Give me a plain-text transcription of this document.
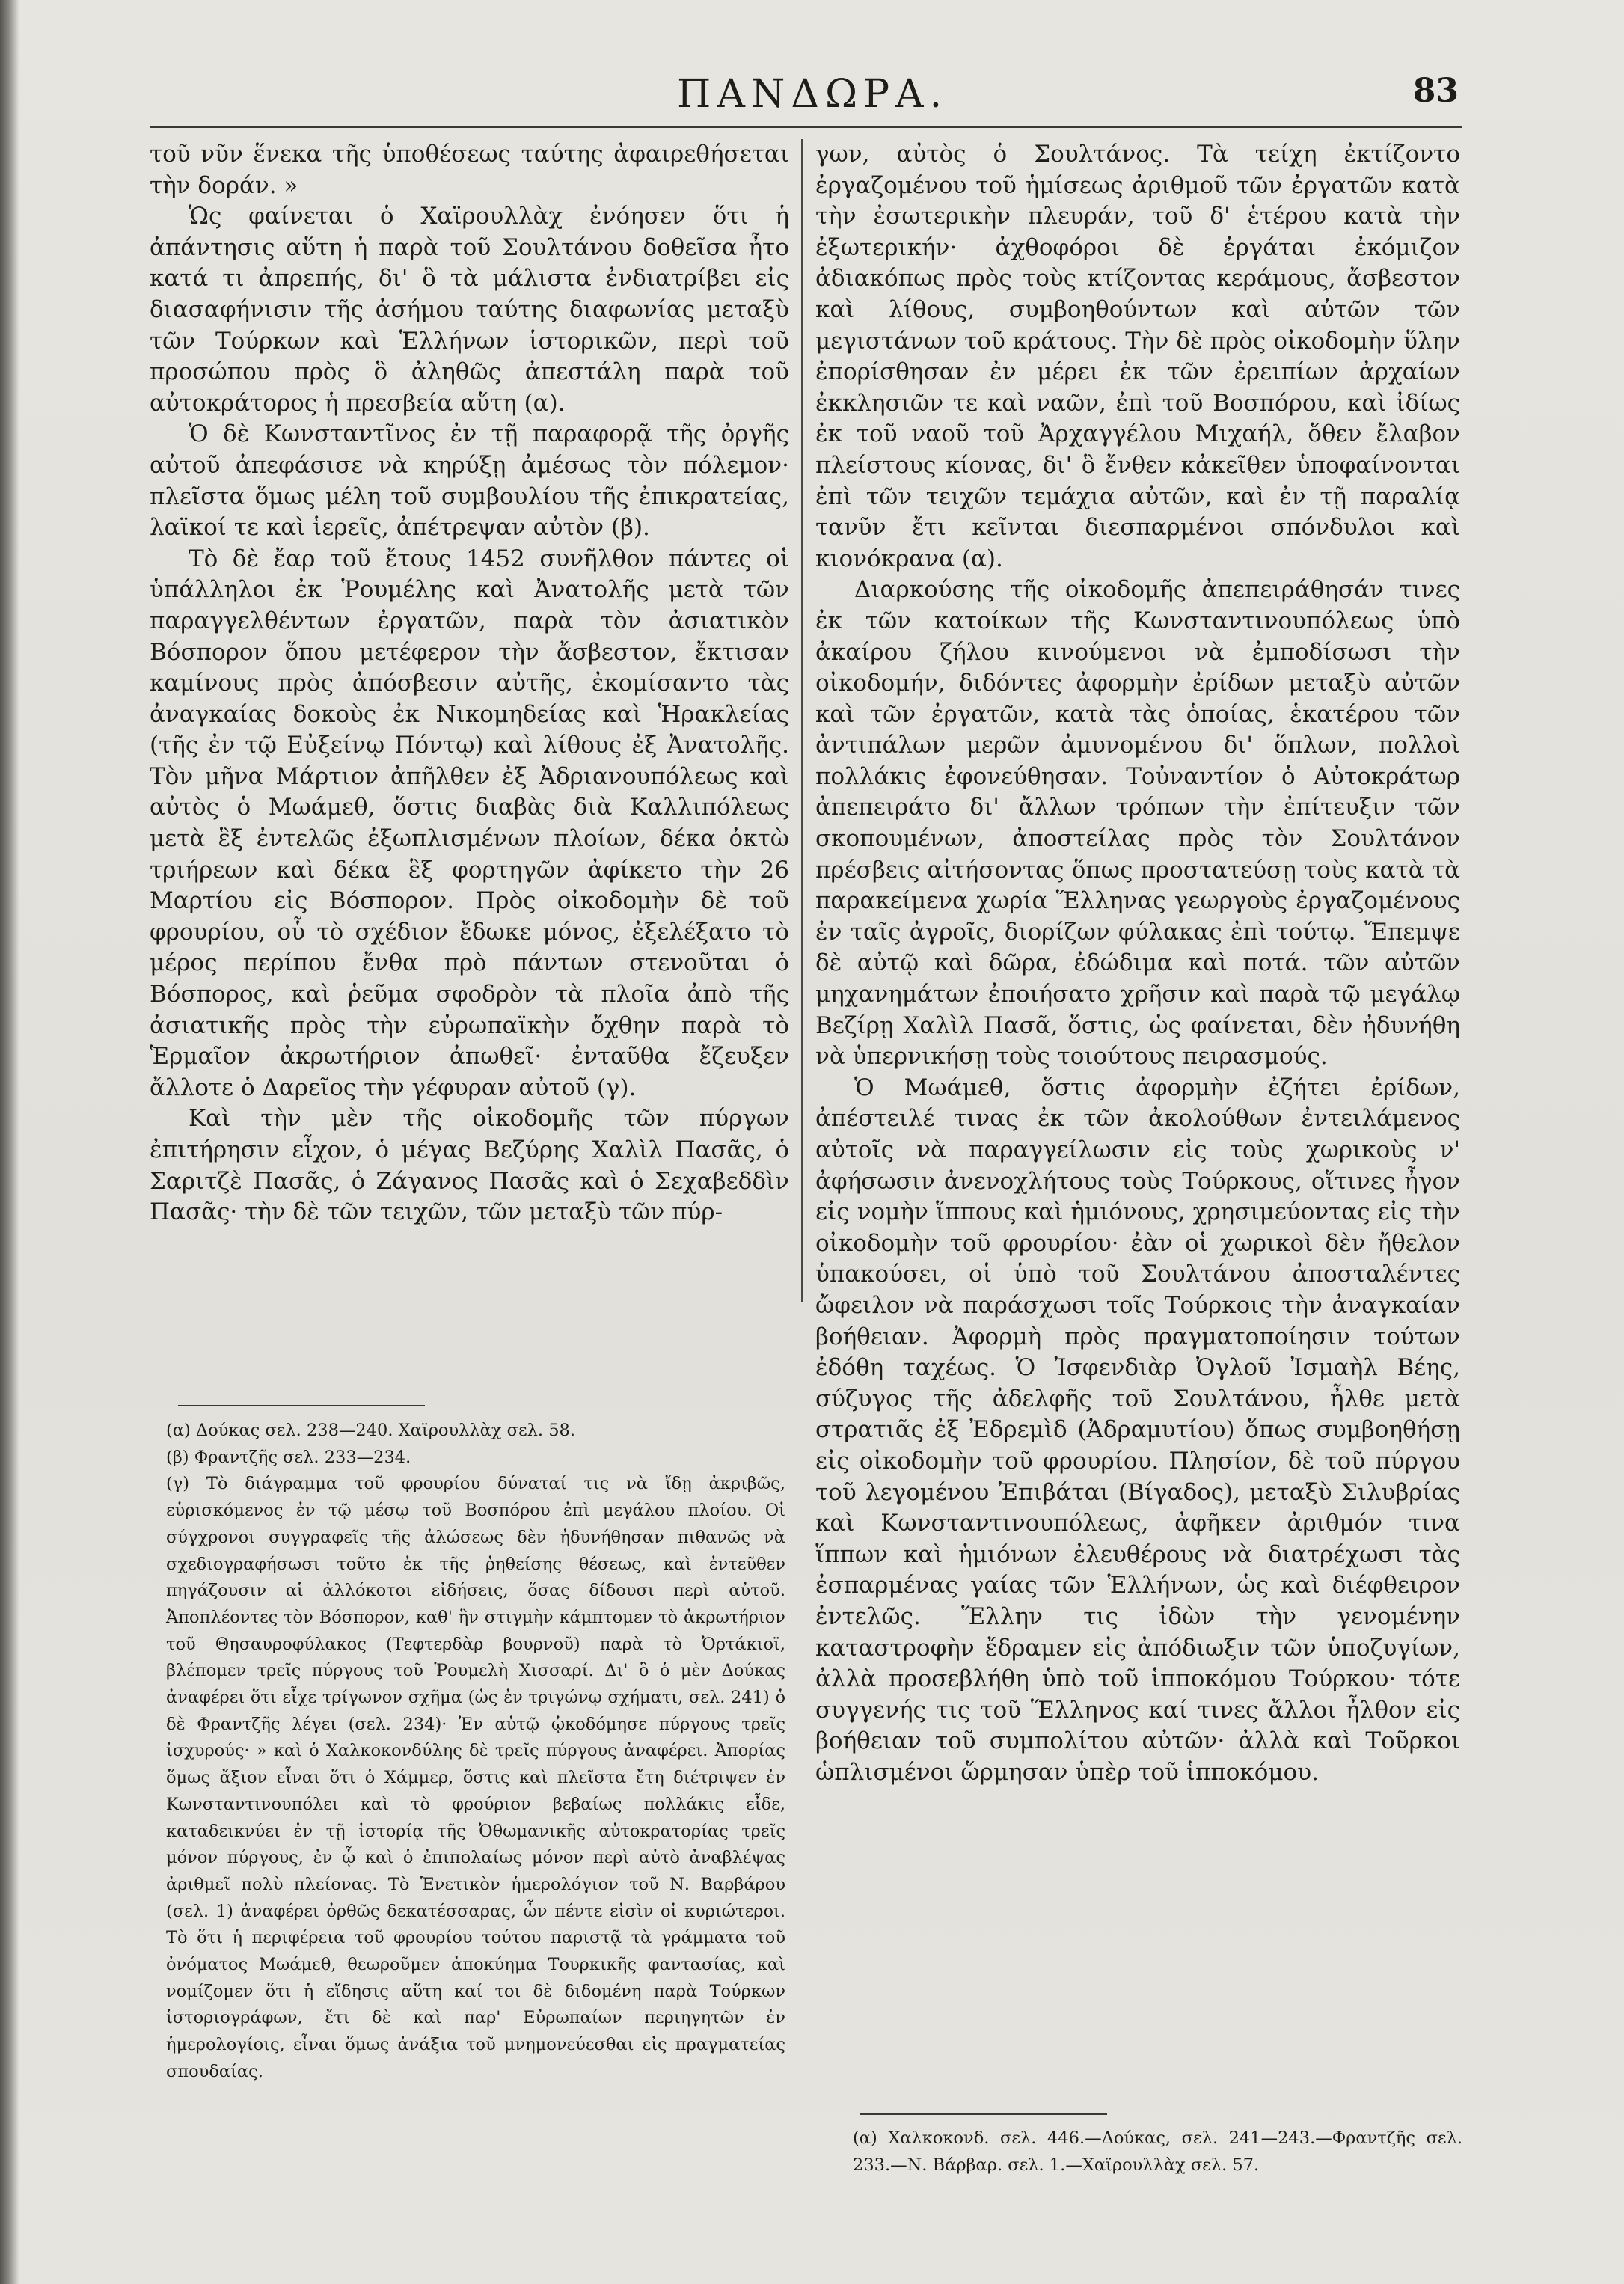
ΠΑΝΔΩΡΑ.	83

τοῦ νῦν ἕνεκα τῆς ὑποθέσεως ταύτης ἀφαιρεθήσεται τὴν δοράν. »

Ὡς φαίνεται ὁ Χαϊρουλλὰχ ἐνόησεν ὅτι ἡ ἀπάντησις αὕτη ἡ παρὰ τοῦ Σουλτάνου δοθεῖσα ἦτο κατά τι ἀπρεπής, δι' ὃ τὰ μάλιστα ἐνδιατρίβει εἰς διασαφήνισιν τῆς ἀσήμου ταύτης διαφωνίας μεταξὺ τῶν Τούρκων καὶ Ἑλλήνων ἱστορικῶν, περὶ τοῦ προσώπου πρὸς ὃ ἀληθῶς ἀπεστάλη παρὰ τοῦ αὐτοκράτορος ἡ πρεσβεία αὕτη (α).

Ὁ δὲ Κωνσταντῖνος ἐν τῇ παραφορᾷ τῆς ὀργῆς αὐτοῦ ἀπεφάσισε νὰ κηρύξῃ ἀμέσως τὸν πόλεμον· πλεῖστα ὅμως μέλη τοῦ συμβουλίου τῆς ἐπικρατείας, λαϊκοί τε καὶ ἱερεῖς, ἀπέτρεψαν αὐτὸν (β).

Τὸ δὲ ἔαρ τοῦ ἔτους 1452 συνῆλθον πάντες οἱ ὑπάλληλοι ἐκ Ῥουμέλης καὶ Ἀνατολῆς μετὰ τῶν παραγγελθέντων ἐργατῶν, παρὰ τὸν ἀσιατικὸν Βόσπορον ὅπου μετέφερον τὴν ἄσβεστον, ἔκτισαν καμίνους πρὸς ἀπόσβεσιν αὐτῆς, ἐκομίσαντο τὰς ἀναγκαίας δοκοὺς ἐκ Νικομηδείας καὶ Ἡρακλείας (τῆς ἐν τῷ Εὐξείνῳ Πόντῳ) καὶ λίθους ἐξ Ἀνατολῆς. Τὸν μῆνα Μάρτιον ἀπῆλθεν ἐξ Ἀδριανουπόλεως καὶ αὐτὸς ὁ Μωάμεθ, ὅστις διαβὰς διὰ Καλλιπόλεως μετὰ ἓξ ἐντελῶς ἐξωπλισμένων πλοίων, δέκα ὀκτὼ τριήρεων καὶ δέκα ἓξ φορτηγῶν ἀφίκετο τὴν 26 Μαρτίου εἰς Βόσπορον. Πρὸς οἰκοδομὴν δὲ τοῦ φρουρίου, οὗ τὸ σχέδιον ἔδωκε μόνος, ἐξελέξατο τὸ μέρος περίπου ἔνθα πρὸ πάντων στενοῦται ὁ Βόσπορος, καὶ ῥεῦμα σφοδρὸν τὰ πλοῖα ἀπὸ τῆς ἀσιατικῆς πρὸς τὴν εὐρωπαϊκὴν ὄχθην παρὰ τὸ Ἑρμαῖον ἀκρωτήριον ἀπωθεῖ· ἐνταῦθα ἔζευξεν ἄλλοτε ὁ Δαρεῖος τὴν γέφυραν αὐτοῦ (γ).

Καὶ τὴν μὲν τῆς οἰκοδομῆς τῶν πύργων ἐπιτήρησιν εἶχον, ὁ μέγας Βεζύρης Χαλὶλ Πασᾶς, ὁ Σαριτζὲ Πασᾶς, ὁ Ζάγανος Πασᾶς καὶ ὁ Σεχαβεδδὶν Πασᾶς· τὴν δὲ τῶν τειχῶν, τῶν μεταξὺ τῶν πύρ-

γων, αὐτὸς ὁ Σουλτάνος. Τὰ τείχη ἐκτίζοντο ἐργαζομένου τοῦ ἡμίσεως ἀριθμοῦ τῶν ἐργατῶν κατὰ τὴν ἐσωτερικὴν πλευράν, τοῦ δ' ἑτέρου κατὰ τὴν ἐξωτερικήν· ἀχθοφόροι δὲ ἐργάται ἐκόμιζον ἀδιακόπως πρὸς τοὺς κτίζοντας κεράμους, ἄσβεστον καὶ λίθους, συμβοηθούντων καὶ αὐτῶν τῶν μεγιστάνων τοῦ κράτους. Τὴν δὲ πρὸς οἰκοδομὴν ὕλην ἐπορίσθησαν ἐν μέρει ἐκ τῶν ἐρειπίων ἀρχαίων ἐκκλησιῶν τε καὶ ναῶν, ἐπὶ τοῦ Βοσπόρου, καὶ ἰδίως ἐκ τοῦ ναοῦ τοῦ Ἀρχαγγέλου Μιχαήλ, ὅθεν ἔλαβον πλείστους κίονας, δι' ὃ ἔνθεν κἀκεῖθεν ὑποφαίνονται ἐπὶ τῶν τειχῶν τεμάχια αὐτῶν, καὶ ἐν τῇ παραλίᾳ τανῦν ἔτι κεῖνται διεσπαρμένοι σπόνδυλοι καὶ κιονόκρανα (α).

Διαρκούσης τῆς οἰκοδομῆς ἀπεπειράθησάν τινες ἐκ τῶν κατοίκων τῆς Κωνσταντινουπόλεως ὑπὸ ἀκαίρου ζήλου κινούμενοι νὰ ἐμποδίσωσι τὴν οἰκοδομήν, διδόντες ἀφορμὴν ἐρίδων μεταξὺ αὐτῶν καὶ τῶν ἐργατῶν, κατὰ τὰς ὁποίας, ἑκατέρου τῶν ἀντιπάλων μερῶν ἀμυνομένου δι' ὅπλων, πολλοὶ πολλάκις ἐφονεύθησαν. Τοὐναντίον ὁ Αὐτοκράτωρ ἀπεπειράτο δι' ἄλλων τρόπων τὴν ἐπίτευξιν τῶν σκοπουμένων, ἀποστείλας πρὸς τὸν Σουλτάνον πρέσβεις αἰτήσοντας ὅπως προστατεύσῃ τοὺς κατὰ τὰ παρακείμενα χωρία Ἕλληνας γεωργοὺς ἐργαζομένους ἐν ταῖς ἀγροῖς, διορίζων φύλακας ἐπὶ τούτῳ. Ἔπεμψε δὲ αὐτῷ καὶ δῶρα, ἐδώδιμα καὶ ποτά. τῶν αὐτῶν μηχανημάτων ἐποιήσατο χρῆσιν καὶ παρὰ τῷ μεγάλῳ Βεζίρῃ Χαλὶλ Πασᾶ, ὅστις, ὡς φαίνεται, δὲν ἠδυνήθη νὰ ὑπερνικήσῃ τοὺς τοιούτους πειρασμούς.

Ὁ Μωάμεθ, ὅστις ἀφορμὴν ἐζήτει ἐρίδων, ἀπέστειλέ τινας ἐκ τῶν ἀκολούθων ἐντειλάμενος αὐτοῖς νὰ παραγγείλωσιν εἰς τοὺς χωρικοὺς ν' ἀφήσωσιν ἀνενοχλήτους τοὺς Τούρκους, οἵτινες ἦγον εἰς νομὴν ἵππους καὶ ἡμιόνους, χρησιμεύοντας εἰς τὴν οἰκοδομὴν τοῦ φρουρίου· ἐὰν οἱ χωρικοὶ δὲν ἤθελον ὑπακούσει, οἱ ὑπὸ τοῦ Σουλτάνου ἀποσταλέντες ὤφειλον νὰ παράσχωσι τοῖς Τούρκοις τὴν ἀναγκαίαν βοήθειαν. Ἀφορμὴ πρὸς πραγματοποίησιν τούτων ἐδόθη ταχέως. Ὁ Ἰσφενδιὰρ Ὀγλοῦ Ἰσμαὴλ Βέης, σύζυγος τῆς ἀδελφῆς τοῦ Σουλτάνου, ἦλθε μετὰ στρατιᾶς ἐξ Ἐδρεμὶδ (Ἀδραμυτίου) ὅπως συμβοηθήσῃ εἰς οἰκοδομὴν τοῦ φρουρίου. Πλησίον, δὲ τοῦ πύργου τοῦ λεγομένου Ἐπιβάται (Βίγαδος), μεταξὺ Σιλυβρίας καὶ Κωνσταντινουπόλεως, ἀφῆκεν ἀριθμόν τινα ἵππων καὶ ἡμιόνων ἐλευθέρους νὰ διατρέχωσι τὰς ἐσπαρμένας γαίας τῶν Ἑλλήνων, ὡς καὶ διέφθειρον ἐντελῶς. Ἕλλην τις ἰδὼν τὴν γενομένην καταστροφὴν ἔδραμεν εἰς ἀπόδιωξιν τῶν ὑποζυγίων, ἀλλὰ προσεβλήθη ὑπὸ τοῦ ἱπποκόμου Τούρκου· τότε συγγενής τις τοῦ Ἕλληνος καί τινες ἄλλοι ἦλθον εἰς βοήθειαν τοῦ συμπολίτου αὐτῶν· ἀλλὰ καὶ Τοῦρκοι ὡπλισμένοι ὥρμησαν ὑπὲρ τοῦ ἱπποκόμου.

(α) Δούκας σελ. 238—240. Χαϊρουλλὰχ σελ. 58.

(β) Φραντζῆς σελ. 233—234.

(γ) Τὸ διάγραμμα τοῦ φρουρίου δύναταί τις νὰ ἴδῃ ἀκριβῶς, εὑρισκόμενος ἐν τῷ μέσῳ τοῦ Βοσπόρου ἐπὶ μεγάλου πλοίου. Οἱ σύγχρονοι συγγραφεῖς τῆς ἁλώσεως δὲν ἠδυνήθησαν πιθανῶς νὰ σχεδιογραφήσωσι τοῦτο ἐκ τῆς ῥηθείσης θέσεως, καὶ ἐντεῦθεν πηγάζουσιν αἱ ἀλλόκοτοι εἰδήσεις, ὅσας δίδουσι περὶ αὐτοῦ. Ἀποπλέοντες τὸν Βόσπορον, καθ' ἣν στιγμὴν κάμπτομεν τὸ ἀκρωτήριον τοῦ Θησαυροφύλακος (Τεφτερδὰρ βουρνοῦ) παρὰ τὸ Ὀρτάκιοϊ, βλέπομεν τρεῖς πύργους τοῦ Ῥουμελὴ Χισσαρί. Δι' ὃ ὁ μὲν Δούκας ἀναφέρει ὅτι εἶχε τρίγωνον σχῆμα (ὡς ἐν τριγώνῳ σχήματι, σελ. 241) ὁ δὲ Φραντζῆς λέγει (σελ. 234)· Ἐν αὐτῷ ᾠκοδόμησε πύργους τρεῖς ἰσχυρούς· » καὶ ὁ Χαλκοκονδύλης δὲ τρεῖς πύργους ἀναφέρει. Ἀπορίας ὅμως ἄξιον εἶναι ὅτι ὁ Χάμμερ, ὅστις καὶ πλεῖστα ἔτη διέτριψεν ἐν Κωνσταντινουπόλει καὶ τὸ φρούριον βεβαίως πολλάκις εἶδε, καταδεικνύει ἐν τῇ ἱστορίᾳ τῆς Ὀθωμανικῆς αὐτοκρατορίας τρεῖς μόνον πύργους, ἐν ᾧ καὶ ὁ ἐπιπολαίως μόνον περὶ αὐτὸ ἀναβλέψας ἀριθμεῖ πολὺ πλείονας. Τὸ Ἑνετικὸν ἡμερολόγιον τοῦ Ν. Βαρβάρου (σελ. 1) ἀναφέρει ὀρθῶς δεκατέσσαρας, ὧν πέντε εἰσὶν οἱ κυριώτεροι. Τὸ ὅτι ἡ περιφέρεια τοῦ φρουρίου τούτου παριστᾷ τὰ γράμματα τοῦ ὀνόματος Μωάμεθ, θεωροῦμεν ἀποκύημα Τουρκικῆς φαντασίας, καὶ νομίζομεν ὅτι ἡ εἴδησις αὕτη καί τοι δὲ διδομένη παρὰ Τούρκων ἱστοριογράφων, ἔτι δὲ καὶ παρ' Εὐρωπαίων περιηγητῶν ἐν ἡμερολογίοις, εἶναι ὅμως ἀνάξια τοῦ μνημονεύεσθαι εἰς πραγματείας σπουδαίας.

(α) Χαλκοκονδ. σελ. 446.—Δούκας, σελ. 241—243.—Φραντζῆς σελ. 233.—Ν. Βάρβαρ. σελ. 1.—Χαϊρουλλὰχ σελ. 57.
